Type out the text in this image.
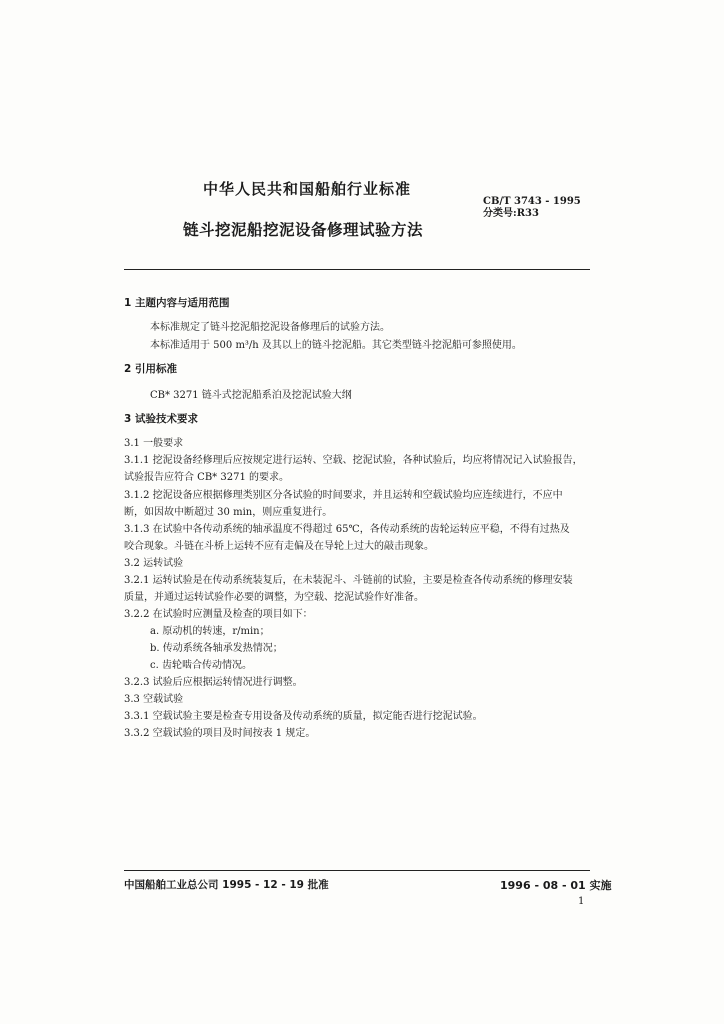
中华人民共和国船舶行业标准
CB/T 3743 - 1995
分类号:R33
链斗挖泥船挖泥设备修理试验方法
1 主题内容与适用范围
本标准规定了链斗挖泥船挖泥设备修理后的试验方法。
本标准适用于 500 m³/h 及其以上的链斗挖泥船。其它类型链斗挖泥船可参照使用。
2 引用标准
CB* 3271 链斗式挖泥船系泊及挖泥试验大纲
3 试验技术要求
3.1 一般要求
3.1.1 挖泥设备经修理后应按规定进行运转、空载、挖泥试验，各种试验后，均应将情况记入试验报告，
试验报告应符合 CB* 3271 的要求。
3.1.2 挖泥设备应根据修理类别区分各试验的时间要求，并且运转和空载试验均应连续进行，不应中
断，如因故中断超过 30 min，则应重复进行。
3.1.3 在试验中各传动系统的轴承温度不得超过 65℃，各传动系统的齿轮运转应平稳，不得有过热及
咬合现象。斗链在斗桥上运转不应有走偏及在导轮上过大的敲击现象。
3.2 运转试验
3.2.1 运转试验是在传动系统装复后，在未装泥斗、斗链前的试验，主要是检查各传动系统的修理安装
质量，并通过运转试验作必要的调整，为空载、挖泥试验作好准备。
3.2.2 在试验时应测量及检查的项目如下：
a. 原动机的转速，r/min；
b. 传动系统各轴承发热情况；
c. 齿轮啮合传动情况。
3.2.3 试验后应根据运转情况进行调整。
3.3 空载试验
3.3.1 空载试验主要是检查专用设备及传动系统的质量，拟定能否进行挖泥试验。
3.3.2 空载试验的项目及时间按表 1 规定。
中国船舶工业总公司 1995 - 12 - 19 批准	1996 - 08 - 01 实施
1
